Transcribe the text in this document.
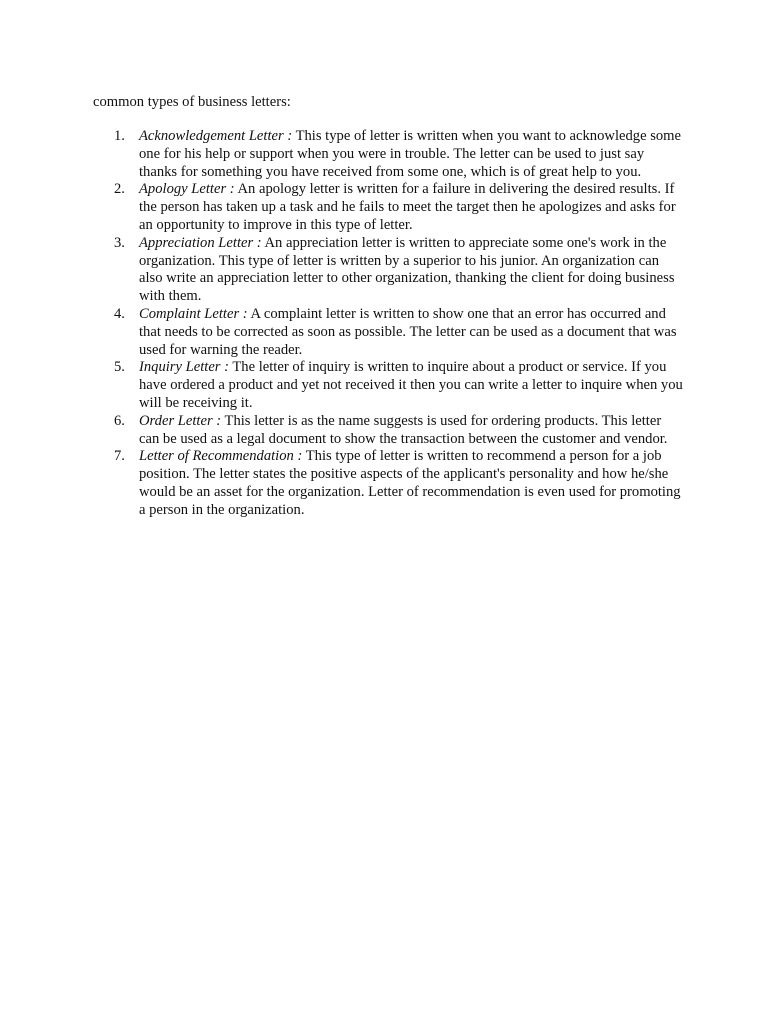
common types of business letters:

1. Acknowledgement Letter : This type of letter is written when you want to acknowledge some one for his help or support when you were in trouble. The letter can be used to just say thanks for something you have received from some one, which is of great help to you.
2. Apology Letter : An apology letter is written for a failure in delivering the desired results. If the person has taken up a task and he fails to meet the target then he apologizes and asks for an opportunity to improve in this type of letter.
3. Appreciation Letter : An appreciation letter is written to appreciate some one's work in the organization. This type of letter is written by a superior to his junior. An organization can also write an appreciation letter to other organization, thanking the client for doing business with them.
4. Complaint Letter : A complaint letter is written to show one that an error has occurred and that needs to be corrected as soon as possible. The letter can be used as a document that was used for warning the reader.
5. Inquiry Letter : The letter of inquiry is written to inquire about a product or service. If you have ordered a product and yet not received it then you can write a letter to inquire when you will be receiving it.
6. Order Letter : This letter is as the name suggests is used for ordering products. This letter can be used as a legal document to show the transaction between the customer and vendor.
7. Letter of Recommendation : This type of letter is written to recommend a person for a job position. The letter states the positive aspects of the applicant's personality and how he/she would be an asset for the organization. Letter of recommendation is even used for promoting a person in the organization.
